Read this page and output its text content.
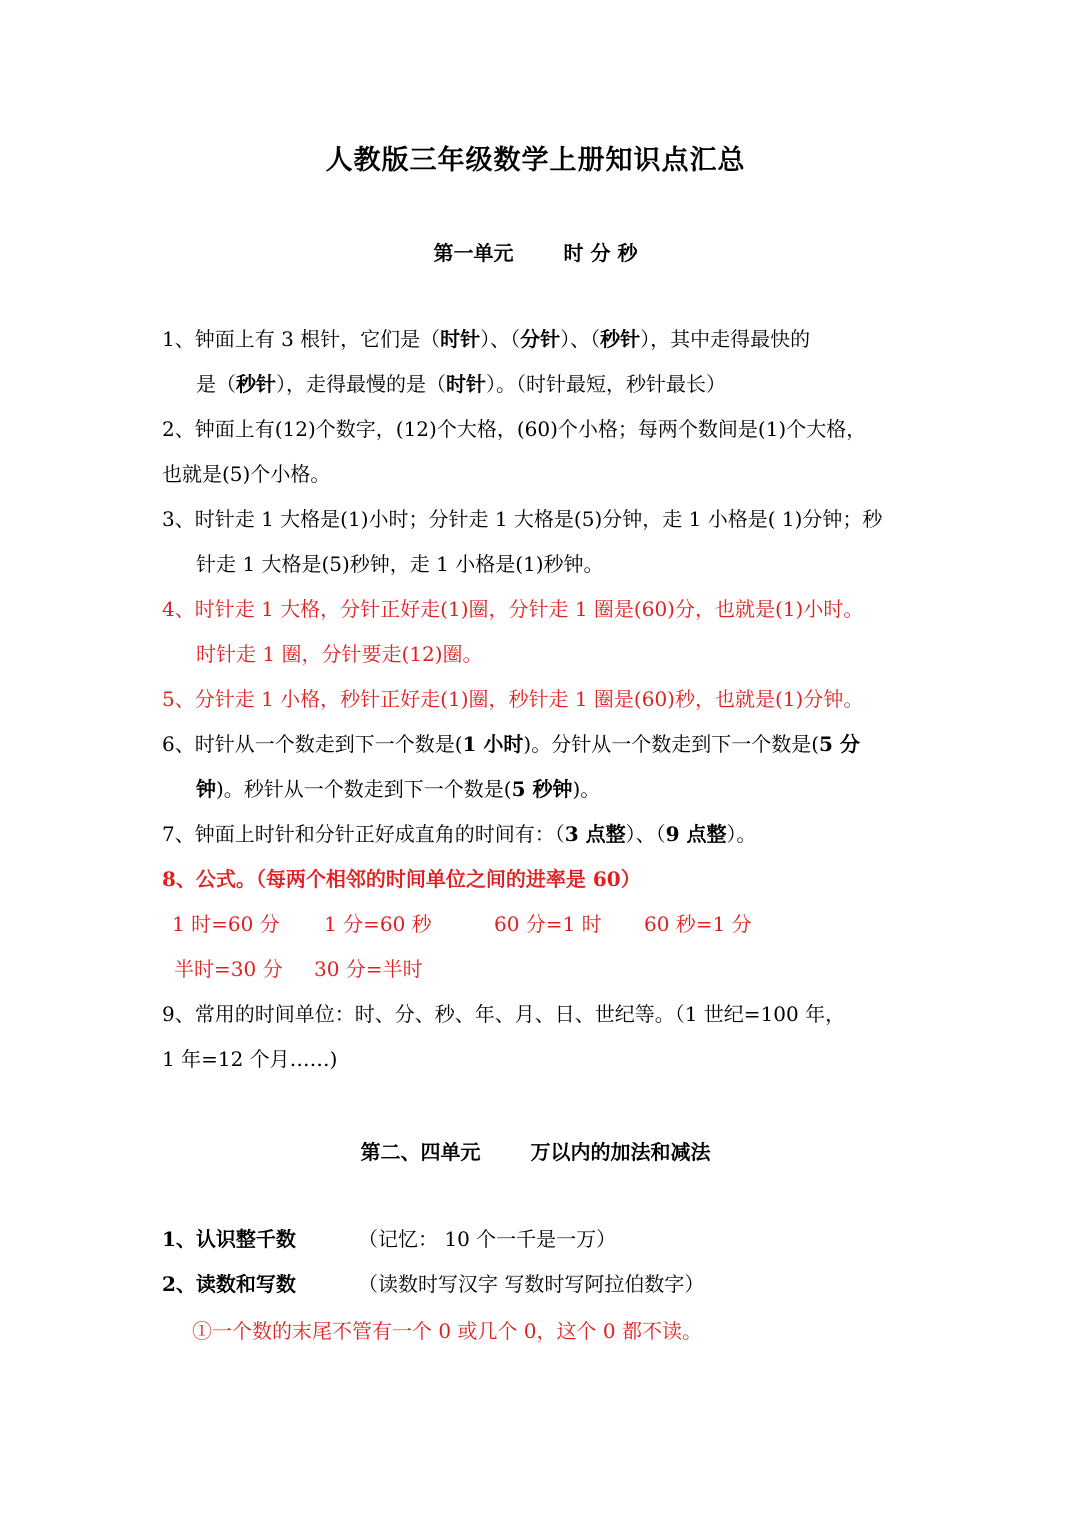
人教版三年级数学上册知识点汇总
第一单元	时 分 秒
1、钟面上有 3 根针，它们是（时针）、（分针）、（秒针），其中走得最快的
是（秒针），走得最慢的是（时针）。（时针最短，秒针最长）
2、钟面上有(12)个数字，(12)个大格，(60)个小格；每两个数间是(1)个大格，
也就是(5)个小格。
3、时针走 1 大格是(1)小时；分针走 1 大格是(5)分钟，走 1 小格是( 1)分钟；秒
针走 1 大格是(5)秒钟，走 1 小格是(1)秒钟。
4、时针走 1 大格，分针正好走(1)圈，分针走 1 圈是(60)分，也就是(1)小时。
时针走 1 圈，分针要走(12)圈。
5、分针走 1 小格，秒针正好走(1)圈，秒针走 1 圈是(60)秒，也就是(1)分钟。
6、时针从一个数走到下一个数是(1 小时)。分针从一个数走到下一个数是(5 分
钟)。秒针从一个数走到下一个数是(5 秒钟)。
7、钟面上时针和分针正好成直角的时间有：（3 点整）、（9 点整）。
8、公式。（每两个相邻的时间单位之间的进率是 60）
1 时=60 分 1 分=60 秒	60 分=1 时 60 秒=1 分
半时=30 分 30 分=半时
9、常用的时间单位：时、分、秒、年、月、日、世纪等。（1 世纪=100 年，
1 年=12 个月……)
第二、四单元	万以内的加法和减法
1、认识整千数	（记忆： 10 个一千是一万）
2、读数和写数	（读数时写汉字 写数时写阿拉伯数字）
①一个数的末尾不管有一个 0 或几个 0，这个 0 都不读。
